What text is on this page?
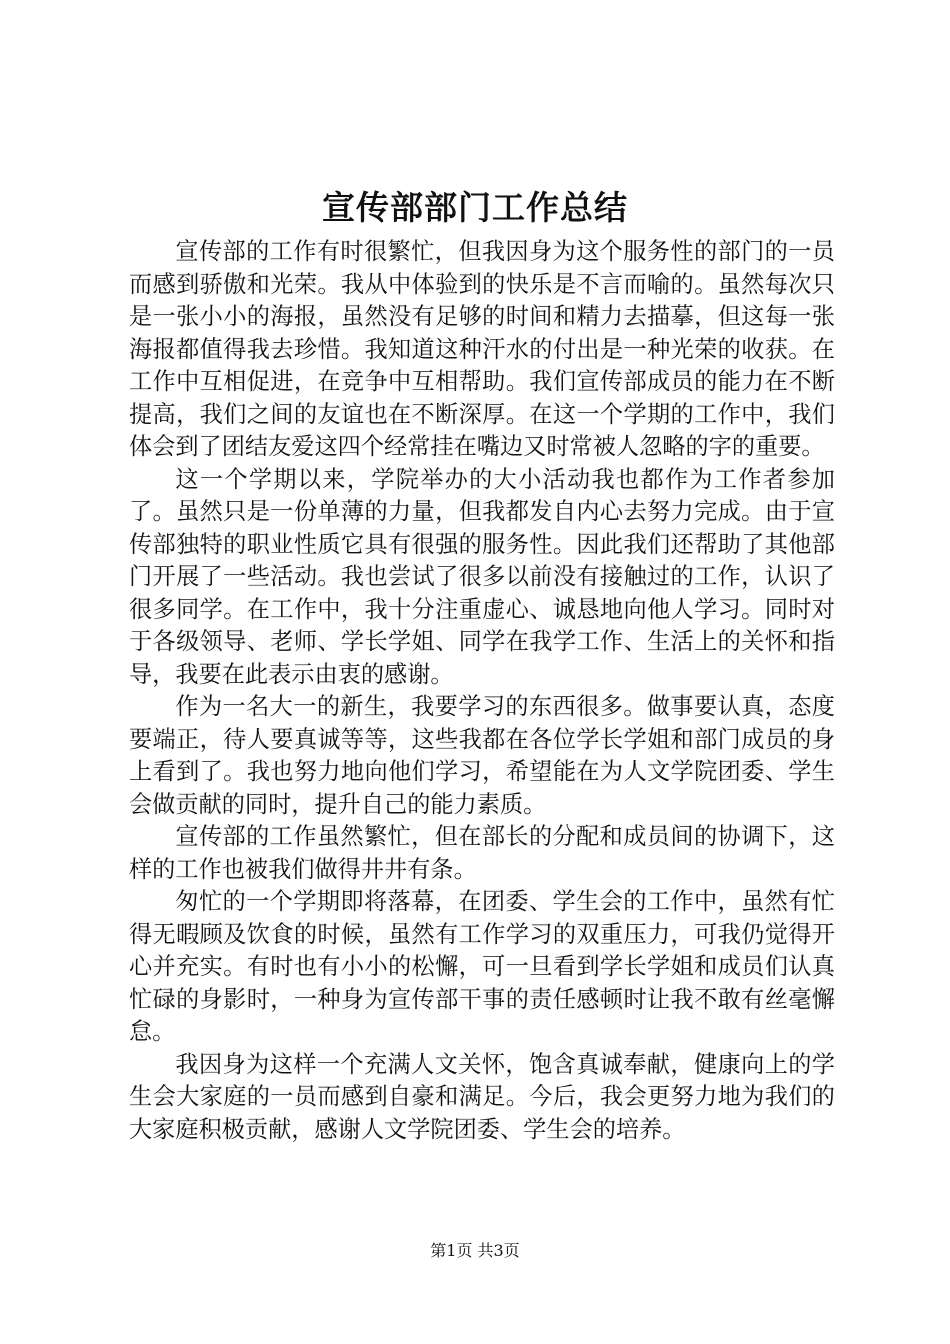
宣传部部门工作总结

宣传部的工作有时很繁忙，但我因身为这个服务性的部门的一员而感到骄傲和光荣。我从中体验到的快乐是不言而喻的。虽然每次只是一张小小的海报，虽然没有足够的时间和精力去描摹，但这每一张海报都值得我去珍惜。我知道这种汗水的付出是一种光荣的收获。在工作中互相促进，在竞争中互相帮助。我们宣传部成员的能力在不断提高，我们之间的友谊也在不断深厚。在这一个学期的工作中，我们体会到了团结友爱这四个经常挂在嘴边又时常被人忽略的字的重要。

这一个学期以来，学院举办的大小活动我也都作为工作者参加了。虽然只是一份单薄的力量，但我都发自内心去努力完成。由于宣传部独特的职业性质它具有很强的服务性。因此我们还帮助了其他部门开展了一些活动。我也尝试了很多以前没有接触过的工作，认识了很多同学。在工作中，我十分注重虚心、诚恳地向他人学习。同时对于各级领导、老师、学长学姐、同学在我学工作、生活上的关怀和指导，我要在此表示由衷的感谢。

作为一名大一的新生，我要学习的东西很多。做事要认真，态度要端正，待人要真诚等等，这些我都在各位学长学姐和部门成员的身上看到了。我也努力地向他们学习，希望能在为人文学院团委、学生会做贡献的同时，提升自己的能力素质。

宣传部的工作虽然繁忙，但在部长的分配和成员间的协调下，这样的工作也被我们做得井井有条。

匆忙的一个学期即将落幕，在团委、学生会的工作中，虽然有忙得无暇顾及饮食的时候，虽然有工作学习的双重压力，可我仍觉得开心并充实。有时也有小小的松懈，可一旦看到学长学姐和成员们认真忙碌的身影时，一种身为宣传部干事的责任感顿时让我不敢有丝毫懈怠。

我因身为这样一个充满人文关怀，饱含真诚奉献，健康向上的学生会大家庭的一员而感到自豪和满足。今后，我会更努力地为我们的大家庭积极贡献，感谢人文学院团委、学生会的培养。

第1页 共3页
